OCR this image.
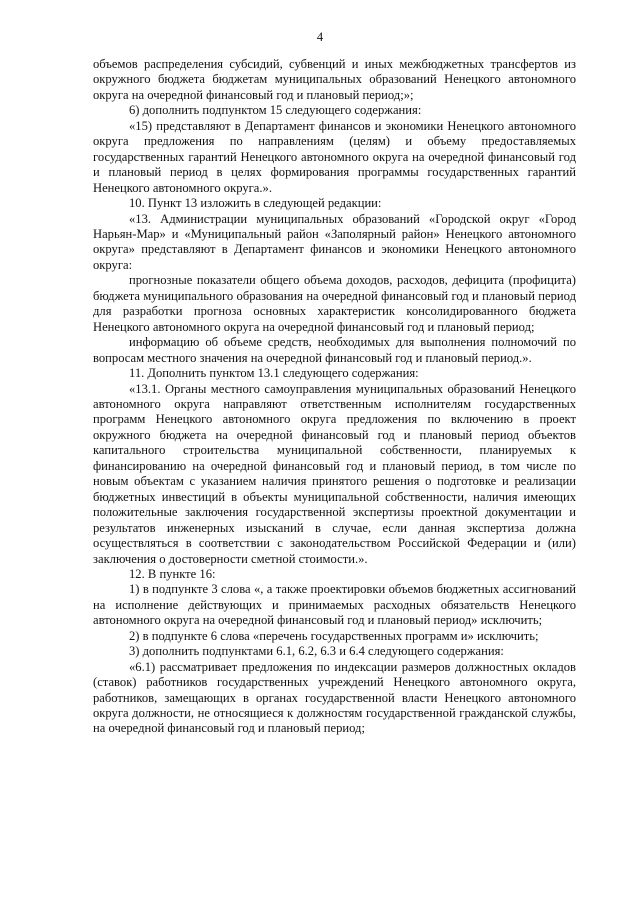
4

объемов распределения субсидий, субвенций и иных межбюджетных трансфертов из окружного бюджета бюджетам муниципальных образований Ненецкого автономного округа на очередной финансовый год и плановый период;»;

6) дополнить подпунктом 15 следующего содержания:

«15) представляют в Департамент финансов и экономики Ненецкого автономного округа предложения по направлениям (целям) и объему предоставляемых государственных гарантий Ненецкого автономного округа на очередной финансовый год и плановый период в целях формирования программы государственных гарантий Ненецкого автономного округа.».

10. Пункт 13 изложить в следующей редакции:

«13. Администрации муниципальных образований «Городской округ «Город Нарьян-Мар» и «Муниципальный район «Заполярный район» Ненецкого автономного округа» представляют в Департамент финансов и экономики Ненецкого автономного округа:

прогнозные показатели общего объема доходов, расходов, дефицита (профицита) бюджета муниципального образования на очередной финансовый год и плановый период для разработки прогноза основных характеристик консолидированного бюджета Ненецкого автономного округа на очередной финансовый год и плановый период;

информацию об объеме средств, необходимых для выполнения полномочий по вопросам местного значения на очередной финансовый год и плановый период.».

11. Дополнить пунктом 13.1 следующего содержания:

«13.1. Органы местного самоуправления муниципальных образований Ненецкого автономного округа направляют ответственным исполнителям государственных программ Ненецкого автономного округа предложения по включению в проект окружного бюджета на очередной финансовый год и плановый период объектов капитального строительства муниципальной собственности, планируемых к финансированию на очередной финансовый год и плановый период, в том числе по новым объектам с указанием наличия принятого решения о подготовке и реализации бюджетных инвестиций в объекты муниципальной собственности, наличия имеющих положительные заключения государственной экспертизы проектной документации и результатов инженерных изысканий в случае, если данная экспертиза должна осуществляться в соответствии с законодательством Российской Федерации и (или) заключения о достоверности сметной стоимости.».

12. В пункте 16:

1) в подпункте 3 слова «, а также проектировки объемов бюджетных ассигнований на исполнение действующих и принимаемых расходных обязательств Ненецкого автономного округа на очередной финансовый год и плановый период» исключить;

2) в подпункте 6 слова «перечень государственных программ и» исключить;

3) дополнить подпунктами 6.1, 6.2, 6.3 и 6.4 следующего содержания:

«6.1) рассматривает предложения по индексации размеров должностных окладов (ставок) работников государственных учреждений Ненецкого автономного округа, работников, замещающих в органах государственной власти Ненецкого автономного округа должности, не относящиеся к должностям государственной гражданской службы, на очередной финансовый год и плановый период;
